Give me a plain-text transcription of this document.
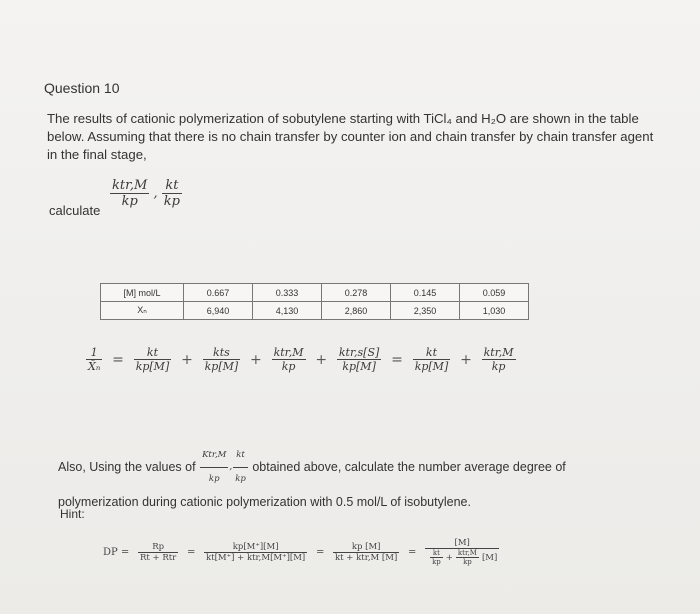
Question 10
The results of cationic polymerization of sobutylene starting with TiCl₄ and H₂O are shown in the table below. Assuming that there is no chain transfer by counter ion and chain transfer by chain transfer agent in the final stage,
$\frac{\text{ktr,M}}{kp}$ , $\frac{kt}{kp}$
calculate
[M] mol/L	0.667	0.333	0.278	0.145	0.059
Xₙ	6,940	4,130	2,860	2,350	1,030
$\frac{1}{\text{X̄ₙ}} = \frac{kt}{kp[M]} + \frac{\text{kts}}{kp[M]} + \frac{\text{ktr,M}}{kp} + \frac{\text{ktr,s[S]}}{kp[M]} = \frac{kt}{kp[M]} + \frac{\text{ktr,M}}{kp}$
Also, Using the values of $\frac{\text{Ktr,M}}{kp}$ , $\frac{kt}{kp}$ obtained above, calculate the number average degree of
polymerization during cationic polymerization with 0.5 mol/L of isobutylene.
Hint:
DP = $\frac{Rp}{\text{Rt + Rtr}} = \frac{kp[M^+][M]}{\text{kt[M⁺] + ktr,M[M⁺][M]}} = \frac{kp [M]}{\text{kt + ktr,M [M]}}$ =
[M]
$\frac{kt}{kp} + \frac{\text{ktr,M}}{kp} [M]$
